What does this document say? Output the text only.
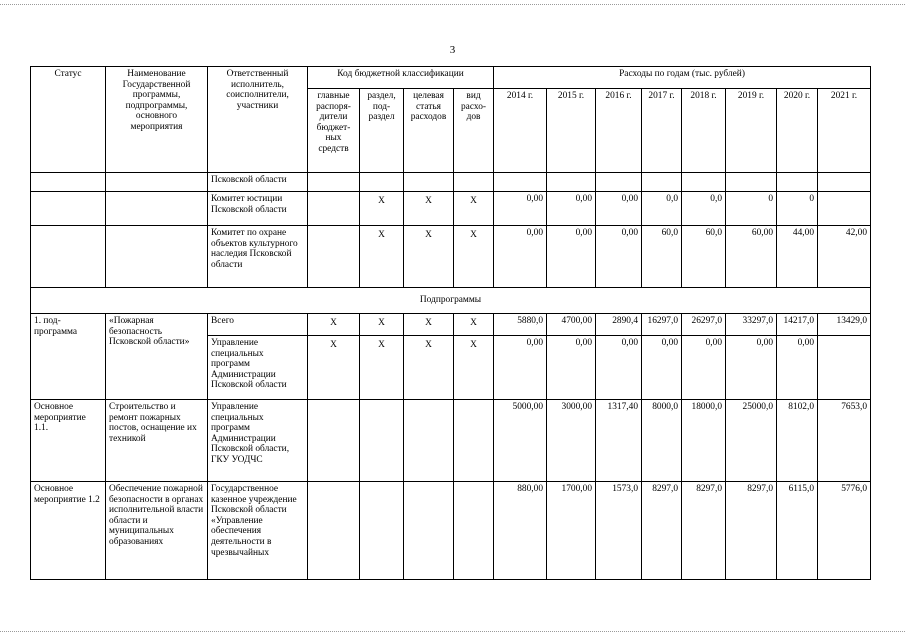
3
Статус	Наименование Государственной программы, подпрограммы, основного мероприятия	Ответственный исполнитель, соисполнители, участники	Код бюджетной классификации				Расходы по годам (тыс. рублей)							
			главные распоря-дители бюджет-ных средств	раздел, под-раздел	целевая статья расходов	вид расхо-дов	2014 г.	2015 г.	2016 г.	2017 г.	2018 г.	2019 г.	2020 г.	2021 г.
		Псковской области												
		Комитет юстиции Псковской области		X	X	X	0,00	0,00	0,00	0,0	0,0	0	0	
		Комитет по охране объектов культурного наследия Псковской области		X	X	X	0,00	0,00	0,00	60,0	60,0	60,00	44,00	42,00
Подпрограммы														
1. под-программа	«Пожарная безопасность Псковской области»	Всего	X	X	X	X	5880,0	4700,00	2890,4	16297,0	26297,0	33297,0	14217,0	13429,0
		Управление специальных программ Администрации Псковской области	X	X	X	X	0,00	0,00	0,00	0,00	0,00	0,00	0,00	
Основное мероприятие 1.1.	Строительство и ремонт пожарных постов, оснащение их техникой	Управление специальных программ Администрации Псковской области, ГКУ УОДЧС					5000,00	3000,00	1317,40	8000,0	18000,0	25000,0	8102,0	7653,0
Основное мероприятие 1.2	Обеспечение пожарной безопасности в органах исполнительной власти области и муниципальных образованиях	Государственное казенное учреждение Псковской области «Управление обеспечения деятельности в чрезвычайных					880,00	1700,00	1573,0	8297,0	8297,0	8297,0	6115,0	5776,0
